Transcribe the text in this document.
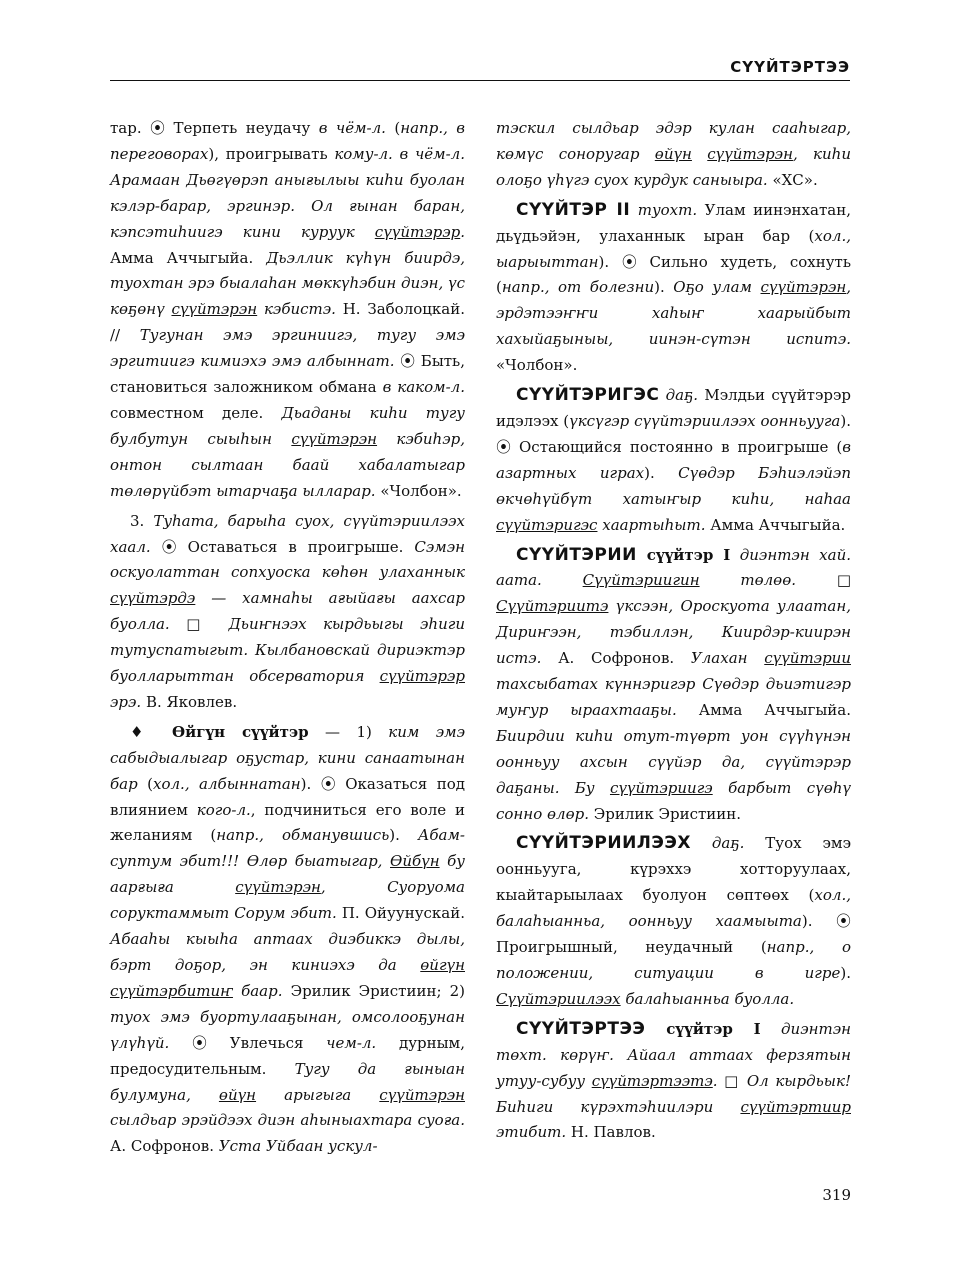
СҮҮЙТЭРТЭЭ

тар. ⦿ Терпеть неудачу в чём-л. (напр., в переговорах), проигрывать кому-л. в чём-л. Арамаан Дьөгүөрэп анығылыы киһи буолан кэлэр-барар, эргинэр. Ол ғынан баран, кэпсэтиһиигэ кини куруук сүүйтэрэр. Амма Аччыгыйа. Дьэллик күһүн биирдэ, туохтан эрэ быалаһан мөккүһэбин диэн, үс көҕөнү сүүйтэрэн кэбистэ. Н. Заболоцкай. // Тугунан эмэ эргиниигэ, тугу эмэ эргитиигэ кимиэхэ эмэ албыннат. ⦿ Быть, становиться заложником обмана в каком-л. совместном деле. Дьаданы киһи тугу булбутун сыыһын сүүйтэрэн кэбиһэр, онтон сылтаан баай хабалатыгар төлөрүйбэт ытарчаҕа ылларар. «Чолбон».

3. Туһата, барыһа суох, сүүйтэриилээх хаал. ⦿ Оставаться в проигрыше. Сэмэн оскуолаттан сопхуоска көһөн улаханнык сүүйтэрдэ — хамнаһы ағыйағы аахсар буолла. □ Дьиҥнээх кырдьыгы эһиги тутуспатыгыт. Кылбановскай дириэктэр буолларыттан обсерватория сүүйтэрэр эрэ. В. Яковлев.

♦ Өйгүн сүүйтэр — 1) ким эмэ сабыдыалыгар оҕустар, кини санаатынан бар (хол., албыннатан). ⦿ Оказаться под влиянием кого-л., подчиниться его воле и желаниям (напр., обманувшись). Абам-суптум эбит!!! Өлөр быатыгар, Өйбүн бу аарғыға сүүйтэрэн, Суоруома соруктаммыт Сорум эбит. П. Ойуунускай. Абааһы кыыһа аптаах диэбиккэ дылы, бэрт доҕор, эн киниэхэ да өйгүн сүүйтэрбитиҥ баар. Эрилик Эристиин; 2) туох эмэ буортулааҕынан, омсолооҕунан үлүһүй. ⦿ Увлечься чем-л. дурным, предосудительным. Тугу да ғыныан булумуна, өйүн арыгыга сүүйтэрэн сылдьар эрэйдээх диэн аһыныахтара суоға. А. Софронов. Уста Уйбаан ускул-

тэскил сылдьар эдэр кулан сааһыгар, көмүс соноругар өйүн сүүйтэрэн, киһи олоҕо үһүгэ суох курдук саныыра. «ХС».

СҮҮЙТЭР II туохт. Улам иинэнхатан, дьүдьэйэн, улаханнык ыран бар (хол., ыарыыттан). ⦿ Сильно худеть, сохнуть (напр., от болезни). Оҕо улам сүүйтэрэн, эрдэтээҥҥи хаһыҥ хаарыйбыт хахыйаҕыныы, иинэн-сүтэн испитэ. «Чолбон».

СҮҮЙТЭРИГЭС даҕ. Мэлдьи сүүйтэрэр идэлээх (үксүгэр сүүйтэриилээх оонньууга). ⦿ Остающийся постоянно в проигрыше (в азартных играх). Сүөдэр Бэһиэлэйэп өкчөһүйбүт хатыҥыр киһи, наһаа сүүйтэригэс хаартыһыт. Амма Аччыгыйа.

СҮҮЙТЭРИИ сүүйтэр I диэнтэн хай. аата.	Сүүйтэриигин төлөө. □ Сүүйтэриитэ үксээн, Ороскуота улаатан, Дириҥээн, тэбиллэн, Киирдэр-киирэн истэ. А. Софронов. Улахан сүүйтэрии тахсыбатах күннэригэр Сүөдэр дьиэтигэр муҥур ыраахтааҕы. Амма Аччыгыйа. Биирдии киһи отут-түөрт уон сүүһүнэн оонньуу ахсын сүүйэр да, сүүйтэрэр даҕаны. Бу сүүйтэриигэ барбыт сүөһү сонно өлөр. Эрилик Эристиин.

СҮҮЙТЭРИИЛЭЭХ даҕ. Туох эмэ оонньууга, күрэххэ хотторуулаах, кыайтарыылаах буолуон сөптөөх (хол., балаһыанньа, оонньуу хаамыыта). ⦿ Проигрышный, неудачный (напр., о положении, ситуации в игре). Сүүйтэриилээх балаһыанньа буолла.

СҮҮЙТЭРТЭЭ сүүйтэр I диэнтэн төхт. көрүҥ. Айаал аттаах ферзятын утуу-субуу сүүйтэртээтэ. □ Ол кырдьык! Биһиги күрэхтэһиилэри сүүйтэртиир этибит. Н. Павлов.

319
